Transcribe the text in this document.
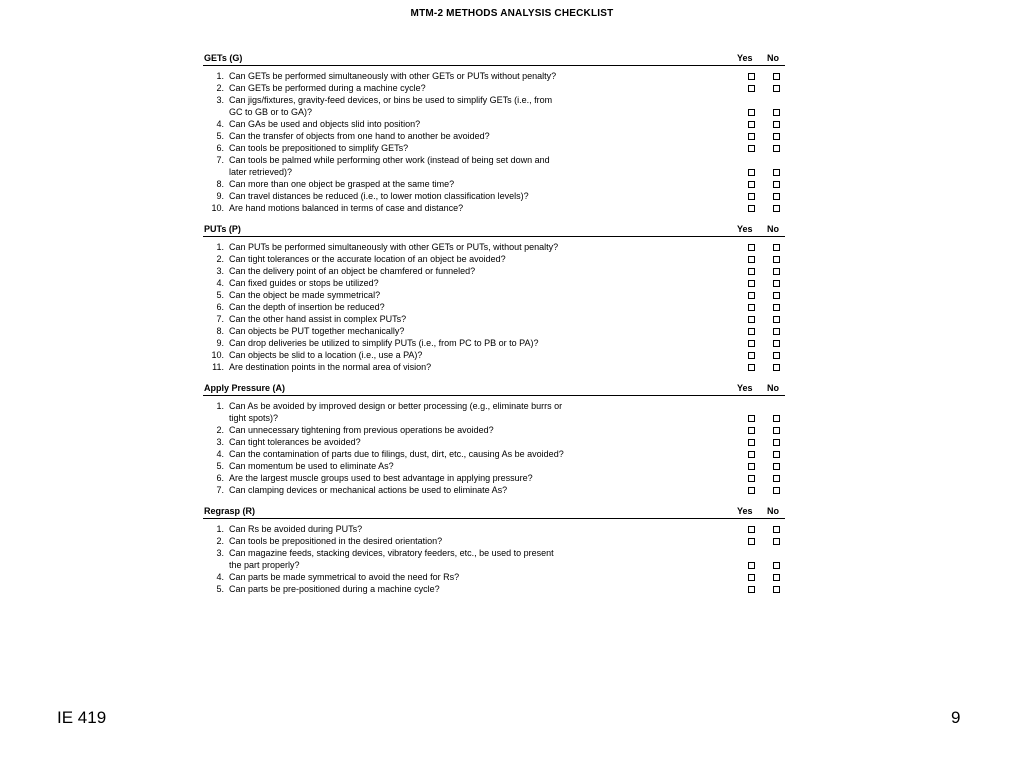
MTM-2 METHODS ANALYSIS CHECKLIST
GETs (G)	Yes No
1. Can GETs be performed simultaneously with other GETs or PUTs without penalty?
2. Can GETs be performed during a machine cycle?
3. Can jigs/fixtures, gravity-feed devices, or bins be used to simplify GETs (i.e., from
GC to GB or to GA)?
4. Can GAs be used and objects slid into position?
5. Can the transfer of objects from one hand to another be avoided?
6. Can tools be prepositioned to simplify GETs?
7. Can tools be palmed while performing other work (instead of being set down and
later retrieved)?
8. Can more than one object be grasped at the same time?
9. Can travel distances be reduced (i.e., to lower motion classification levels)?
10. Are hand motions balanced in terms of case and distance?
PUTs (P)	Yes No
1. Can PUTs be performed simultaneously with other GETs or PUTs, without penalty?
2. Can tight tolerances or the accurate location of an object be avoided?
3. Can the delivery point of an object be chamfered or funneled?
4. Can fixed guides or stops be utilized?
5. Can the object be made symmetrical?
6. Can the depth of insertion be reduced?
7. Can the other hand assist in complex PUTs?
8. Can objects be PUT together mechanically?
9. Can drop deliveries be utilized to simplify PUTs (i.e., from PC to PB or to PA)?
10. Can objects be slid to a location (i.e., use a PA)?
11. Are destination points in the normal area of vision?
Apply Pressure (A)	Yes No
1. Can As be avoided by improved design or better processing (e.g., eliminate burrs or
tight spots)?
2. Can unnecessary tightening from previous operations be avoided?
3. Can tight tolerances be avoided?
4. Can the contamination of parts due to filings, dust, dirt, etc., causing As be avoided?
5. Can momentum be used to eliminate As?
6. Are the largest muscle groups used to best advantage in applying pressure?
7. Can clamping devices or mechanical actions be used to eliminate As?
Regrasp (R)	Yes No
1. Can Rs be avoided during PUTs?
2. Can tools be prepositioned in the desired orientation?
3. Can magazine feeds, stacking devices, vibratory feeders, etc., be used to present
the part properly?
4. Can parts be made symmetrical to avoid the need for Rs?
5. Can parts be pre-positioned during a machine cycle?
IE 419	9
